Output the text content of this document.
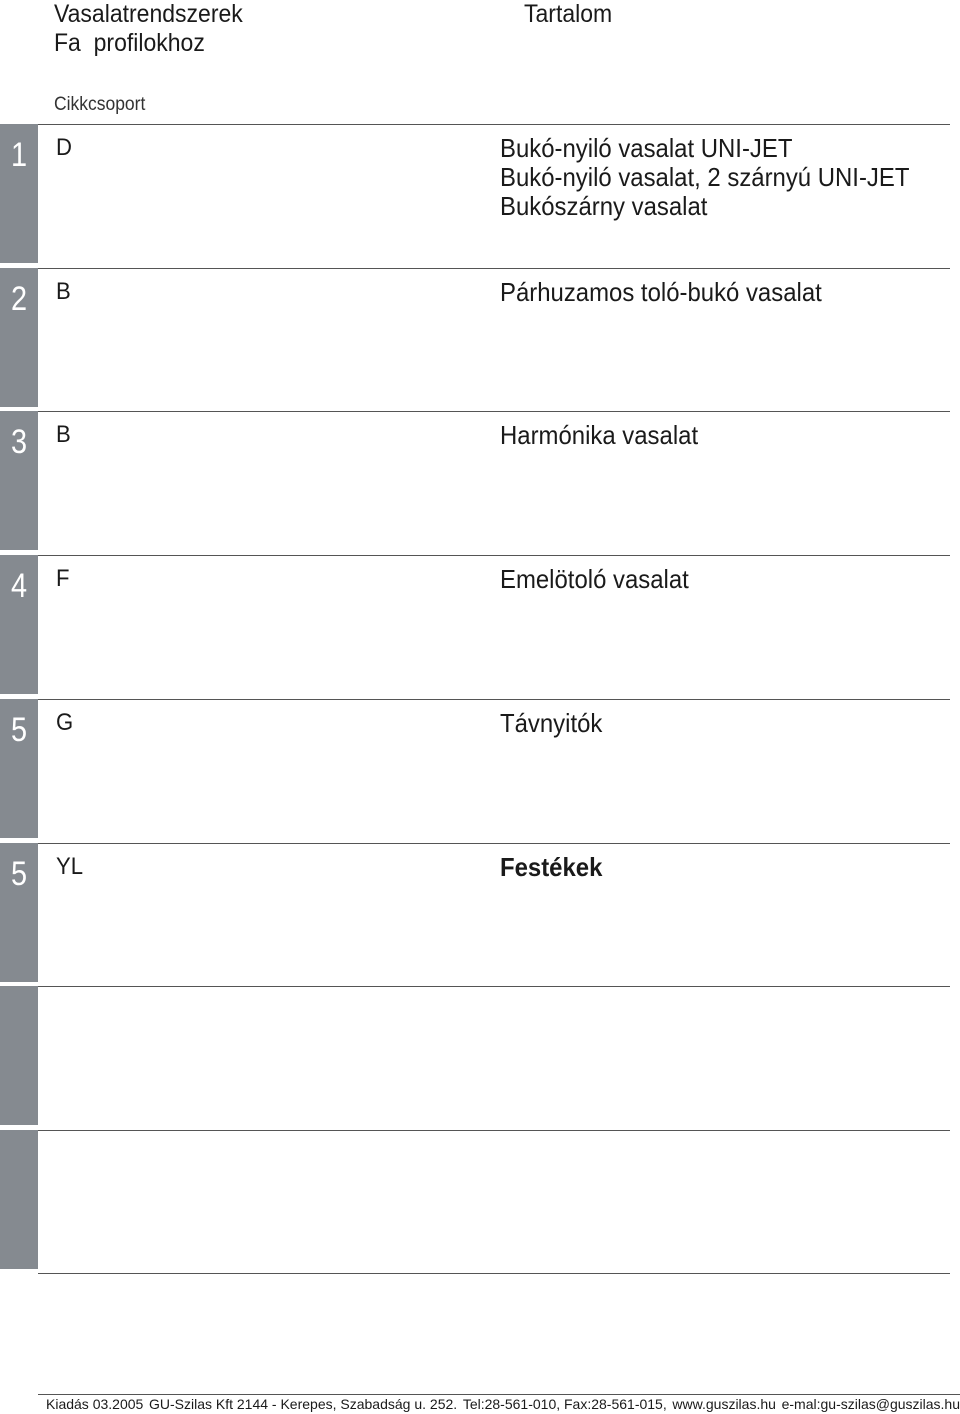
Vasalatrendszerek
Fa  profilokhoz
Tartalom
Cikkcsoport
1	D	Bukó-nyiló vasalat UNI-JET
Bukó-nyiló vasalat, 2 szárnyú UNI-JET
Bukószárny vasalat
2	B	Párhuzamos toló-bukó vasalat
3	B	Harmónika vasalat
4	F	Emelötoló vasalat
5	G	Távnyitók
5	YL	Festékek
Kiadás 03.2005 GU-Szilas Kft 2144 - Kerepes, Szabadság u. 252. Tel:28-561-010, Fax:28-561-015, www.guszilas.hu e-mal:gu-szilas@guszilas.hu
